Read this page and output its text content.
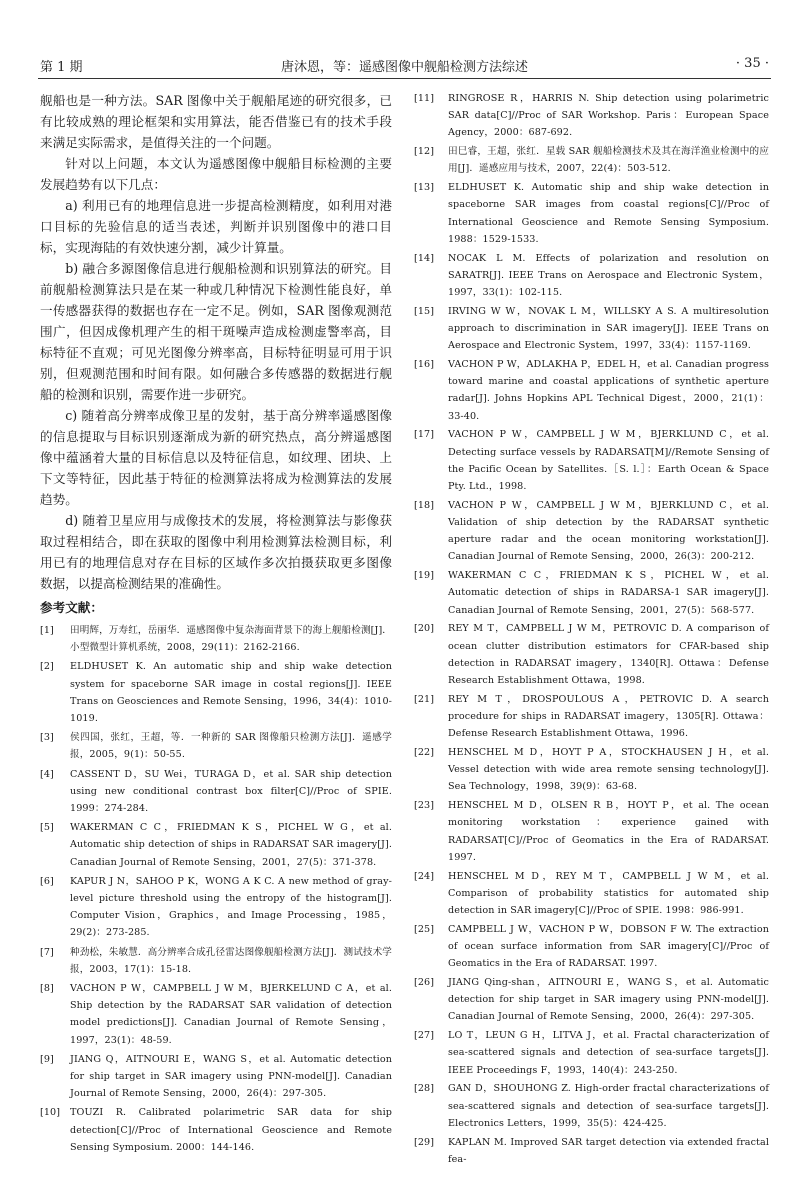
第 1 期	唐沐恩，等：遥感图像中舰船检测方法综述	· 35 ·

舰船也是一种方法。SAR 图像中关于舰船尾迹的研究很多，已有比较成熟的理论框架和实用算法，能否借鉴已有的技术手段来满足实际需求，是值得关注的一个问题。

针对以上问题，本文认为遥感图像中舰船目标检测的主要发展趋势有以下几点：

a) 利用已有的地理信息进一步提高检测精度，如利用对港口目标的先验信息的适当表述，判断并识别图像中的港口目标，实现海陆的有效快速分割，减少计算量。

b) 融合多源图像信息进行舰船检测和识别算法的研究。目前舰船检测算法只是在某一种或几种情况下检测性能良好，单一传感器获得的数据也存在一定不足。例如，SAR 图像观测范围广，但因成像机理产生的相干斑噪声造成检测虚警率高，目标特征不直观；可见光图像分辨率高，目标特征明显可用于识别，但观测范围和时间有限。如何融合多传感器的数据进行舰船的检测和识别，需要作进一步研究。

c) 随着高分辨率成像卫星的发射，基于高分辨率遥感图像的信息提取与目标识别逐渐成为新的研究热点，高分辨遥感图像中蕴涵着大量的目标信息以及特征信息，如纹理、团块、上下文等特征，因此基于特征的检测算法将成为检测算法的发展趋势。

d) 随着卫星应用与成像技术的发展，将检测算法与影像获取过程相结合，即在获取的图像中利用检测算法检测目标，利用已有的地理信息对存在目标的区域作多次拍摄获取更多图像数据，以提高检测结果的准确性。

参考文献：
[1] 田明辉，万寿红，岳丽华．遥感图像中复杂海面背景下的海上舰船检测[J]．小型微型计算机系统，2008，29(11)：2162-2166.
[2] ELDHUSET K. An automatic ship and ship wake detection system for spaceborne SAR image in costal regions[J]. IEEE Trans on Geosciences and Remote Sensing，1996，34(4)：1010-1019.
[3] 侯四国，张红，王超，等．一种新的 SAR 图像船只检测方法[J]．遥感学报，2005，9(1)：50-55.
[4] CASSENT D，SU Wei，TURAGA D，et al. SAR ship detection using new conditional contrast box filter[C]//Proc of SPIE. 1999：274-284.
[5] WAKERMAN C C，FRIEDMAN K S，PICHEL W G，et al. Automatic ship detection of ships in RADARSAT SAR imagery[J]. Canadian Journal of Remote Sensing，2001，27(5)：371-378.
[6] KAPUR J N，SAHOO P K，WONG A K C. A new method of gray-level picture threshold using the entropy of the histogram[J]. Computer Vision，Graphics，and Image Processing，1985，29(2)：273-285.
[7] 种劲松，朱敏慧．高分辨率合成孔径雷达图像舰船检测方法[J]．测试技术学报，2003，17(1)：15-18.
[8] VACHON P W，CAMPBELL J W M，BJERKELUND C A，et al. Ship detection by the RADARSAT SAR validation of detection model predictions[J]. Canadian Journal of Remote Sensing，1997，23(1)：48-59.
[9] JIANG Q，AITNOURI E，WANG S，et al. Automatic detection for ship target in SAR imagery using PNN-model[J]. Canadian Journal of Remote Sensing，2000，26(4)：297-305.
[10] TOUZI R. Calibrated polarimetric SAR data for ship detection[C]//Proc of International Geoscience and Remote Sensing Symposium. 2000：144-146.
[11] RINGROSE R，HARRIS N. Ship detection using polarimetric SAR data[C]//Proc of SAR Workshop. Paris：European Space Agency，2000：687-692.
[12] 田巳睿，王超，张红．星载 SAR 舰船检测技术及其在海洋渔业检测中的应用[J]．遥感应用与技术，2007，22(4)：503-512.
[13] ELDHUSET K. Automatic ship and ship wake detection in spaceborne SAR images from coastal regions[C]//Proc of International Geoscience and Remote Sensing Symposium. 1988：1529-1533.
[14] NOCAK L M. Effects of polarization and resolution on SARATR[J]. IEEE Trans on Aerospace and Electronic System，1997，33(1)：102-115.
[15] IRVING W W，NOVAK L M，WILLSKY A S. A multiresolution approach to discrimination in SAR imagery[J]. IEEE Trans on Aerospace and Electronic System，1997，33(4)：1157-1169.
[16] VACHON P W，ADLAKHA P，EDEL H，et al. Canadian progress toward marine and coastal applications of synthetic aperture radar[J]. Johns Hopkins APL Technical Digest，2000，21(1)：33-40.
[17] VACHON P W，CAMPBELL J W M，BJERKLUND C，et al. Detecting surface vessels by RADARSAT[M]//Remote Sensing of the Pacific Ocean by Satellites.［S. l.］：Earth Ocean & Space Pty. Ltd.，1998.
[18] VACHON P W，CAMPBELL J W M，BJERKLUND C，et al. Validation of ship detection by the RADARSAT synthetic aperture radar and the ocean monitoring workstation[J]. Canadian Journal of Remote Sensing，2000，26(3)：200-212.
[19] WAKERMAN C C，FRIEDMAN K S，PICHEL W，et al. Automatic detection of ships in RADARSA-1 SAR imagery[J]. Canadian Journal of Remote Sensing，2001，27(5)：568-577.
[20] REY M T，CAMPBELL J W M，PETROVIC D. A comparison of ocean clutter distribution estimators for CFAR-based ship detection in RADARSAT imagery，1340[R]. Ottawa：Defense Research Establishment Ottawa，1998.
[21] REY M T，DROSPOULOUS A，PETROVIC D. A search procedure for ships in RADARSAT imagery，1305[R]. Ottawa：Defense Research Establishment Ottawa，1996.
[22] HENSCHEL M D，HOYT P A，STOCKHAUSEN J H，et al. Vessel detection with wide area remote sensing technology[J]. Sea Technology，1998，39(9)：63-68.
[23] HENSCHEL M D，OLSEN R B，HOYT P，et al. The ocean monitoring workstation：experience gained with RADARSAT[C]//Proc of Geomatics in the Era of RADARSAT. 1997.
[24] HENSCHEL M D，REY M T，CAMPBELL J W M，et al. Comparison of probability statistics for automated ship detection in SAR imagery[C]//Proc of SPIE. 1998：986-991.
[25] CAMPBELL J W，VACHON P W，DOBSON F W. The extraction of ocean surface information from SAR imagery[C]//Proc of Geomatics in the Era of RADARSAT. 1997.
[26] JIANG Qing-shan，AITNOURI E，WANG S，et al. Automatic detection for ship target in SAR imagery using PNN-model[J]. Canadian Journal of Remote Sensing，2000，26(4)：297-305.
[27] LO T，LEUN G H，LITVA J，et al. Fractal characterization of sea-scattered signals and detection of sea-surface targets[J]. IEEE Proceedings F，1993，140(4)：243-250.
[28] GAN D，SHOUHONG Z. High-order fractal characterizations of sea-scattered signals and detection of sea-surface targets[J]. Electronics Letters，1999，35(5)：424-425.
[29] KAPLAN M. Improved SAR target detection via extended fractal fea-
